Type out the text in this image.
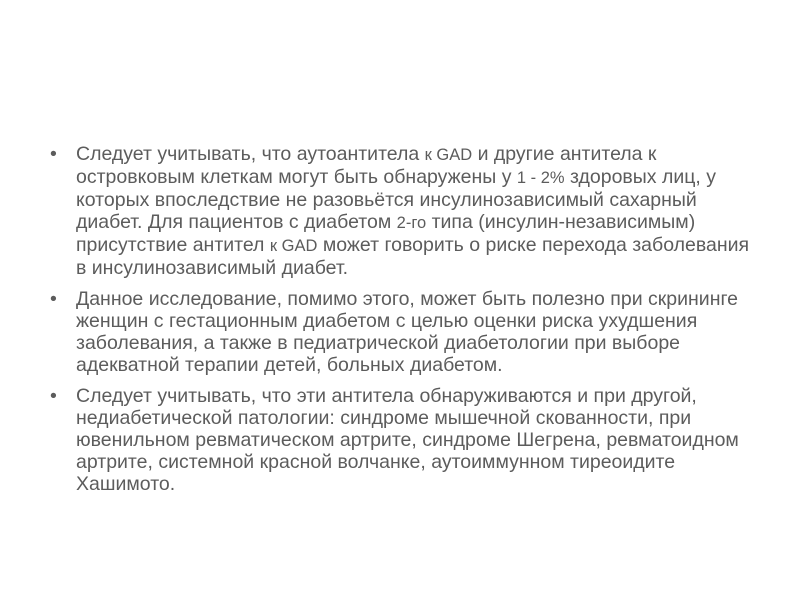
• Следует учитывать, что аутоантитела к GAD и другие антитела к островковым клеткам могут быть обнаружены у 1 - 2% здоровых лиц, у которых впоследствие не разовьётся инсулинозависимый сахарный диабет. Для пациентов с диабетом 2-го типа (инсулин-независимым) присутствие антител к GAD может говорить о риске перехода заболевания в инсулинозависимый диабет.
• Данное исследование, помимо этого, может быть полезно при скрининге женщин с гестационным диабетом с целью оценки риска ухудшения заболевания, а также в педиатрической диабетологии при выборе адекватной терапии детей, больных диабетом.
• Следует учитывать, что эти антитела обнаруживаются и при другой, недиабетической патологии: синдроме мышечной скованности, при ювенильном ревматическом артрите, синдроме Шегрена, ревматоидном артрите, системной красной волчанке, аутоиммунном тиреоидите Хашимото.
